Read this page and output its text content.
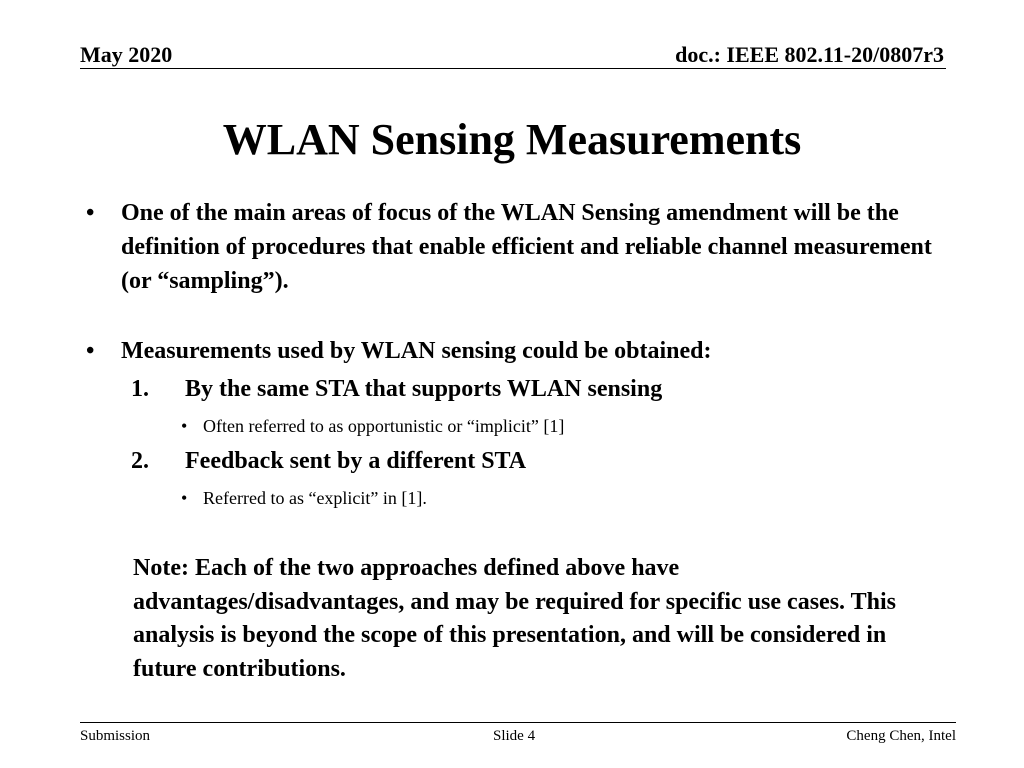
May 2020	doc.: IEEE 802.11-20/0807r3
WLAN Sensing Measurements
• One of the main areas of focus of the WLAN Sensing amendment will be the definition of procedures that enable efficient and reliable channel measurement (or “sampling”).
• Measurements used by WLAN sensing could be obtained:
1. By the same STA that supports WLAN sensing
• Often referred to as opportunistic or “implicit” [1]
2. Feedback sent by a different STA
• Referred to as “explicit” in [1].
Note: Each of the two approaches defined above have advantages/disadvantages, and may be required for specific use cases. This analysis is beyond the scope of this presentation, and will be considered in future contributions.
Submission	Slide 4	Cheng Chen, Intel
